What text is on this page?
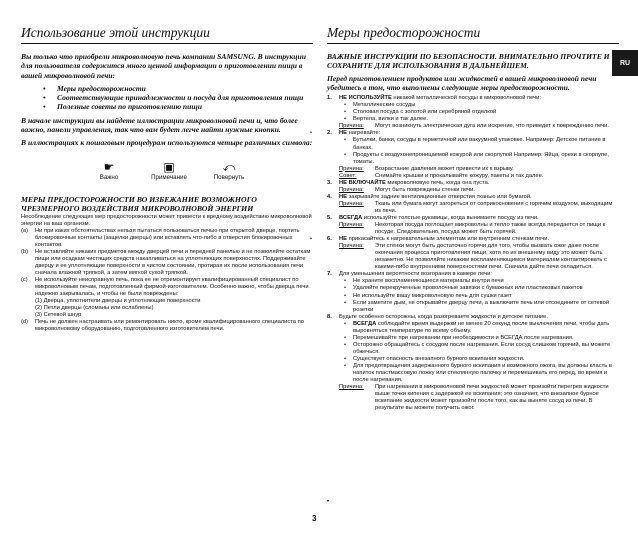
Использование этой инструкции

Вы только что приобрели микроволновую печь компании SAMSUNG. В инструкции для пользователя содержится много ценной информации о приготовлении пищи в вашей микроволновой печи:

• Меры предосторожности
• Соответствующие принадлежности и посуда для приготовления пищи
• Полезные советы по приготовлению пищи

В начале инструкции вы найдете иллюстрации микроволновой печи и, что более важно, панели управления, так что вам будет легче найти нужные кнопки.

В иллюстрациях к пошаговым процедурам используются четыре различных символа:

☛
Важно
▣
Примечание
⤺
Повернуть
МЕРЫ ПРЕДОСТОРОЖНОСТИ ВО ИЗБЕЖАНИЕ ВОЗМОЖНОГО ЧРЕЗМЕРНОГО ВОЗДЕЙСТВИЯ МИКРОВОЛНОВОЙ ЭНЕРГИИ
Несоблюдение следующих мер предосторожности может привести к вредному воздействию микроволновой энергии на ваш организм.
(a) Ни при каких обстоятельствах нельзя пытаться пользоваться печью при открытой дверце, портить блокировочные контакты (защелки дверцы) или вставлять что-либо в отверстия блокировочных контактов.
(b) Не вставляйте никаких предметов между дверцей печи и передней панелью и не позволяйте остаткам пищи или осадкам чистящих средств накапливаться на уплотняющих поверхностях. Поддерживайте дверцу и ее уплотняющие поверхности в чистом состоянии, протирая их после использования печи сначала влажной тряпкой, а затем мягкой сухой тряпкой.
(c) Не используйте неисправную печь, пока ее не отремонтирует квалифицированный специалист по микроволновым печам, подготовленный фирмой-изготовителем. Особенно важно, чтобы дверца печи надежно закрывалась, и чтобы не были повреждены:
(1) Дверца, уплотнители дверцы и уплотняющие поверхности
(2) Петли дверцы (сломаны или ослаблены)
(3) Сетевой шнур
(d) Печь не должен настраивать или ремонтировать никто, кроме квалифицированного специалиста по микроволновому оборудованию, подготовленного изготовителем печи.
Меры предосторожности
ВАЖНЫЕ ИНСТРУКЦИИ ПО БЕЗОПАСНОСТИ. ВНИМАТЕЛЬНО ПРОЧТИТЕ И СОХРАНИТЕ ДЛЯ ИСПОЛЬЗОВАНИЯ В ДАЛЬНЕЙШЕМ.
Перед приготовлением продуктов или жидкостей в вашей микроволновой печи убедитесь в том, что выполнены следующие меры предосторожности.
1. НЕ ИСПОЛЬЗУЙТЕ никакой металлической посуды в микроволновой печи:
• Металлические сосуды
• Столовая посуда с золотой или серебряной отделкой
• Вертела, вилки и так далее.
Причина:	Могут возникнуть электрическая дуга или искрение, что приведет к повреждению печи.
•	2. НЕ нагревайте:
• Бутылки, банки, сосуды в герметичной или вакуумной упаковке. Например: Детское питание в банках.
• Продукты с воздухонепроницаемой кожурой или скорлупой Например: Яйца, орехи в скорлупе, томаты.
Причина:	Возрастание давления может привести их к взрыву.
Совет:	Снимайте крышки и прокалывайте кожуру, пакеты и так далее.
3. НЕ ВКЛЮЧАЙТЕ микроволновую печь, когда она пуста.
Причина:	Могут быть повреждены стенки печи.
4. НЕ закрывайте задние вентиляционные отверстия тканью или бумагой.
Причина:	Ткань или бумага могут загореться от соприкосновения с горячим воздухом, выходящим из печи.
5. ВСЕГДА используйте толстые рукавицы, когда вынимаете посуду из печи.
Причина:	Некоторая посуда поглощает микроволны и тепло также всегда передается от пищи к посуде. Следовательно, посуда может быть горячей.
•	6. НЕ прикасайтесь к нагревательным элементам или внутренним стенкам печи.
Причина:	Эти стенки могут быть достаточно горячи для того, чтобы вызвать ожог даже после окончания процесса приготовления пищи, хотя по их внешнему виду это может быть незаметно. Не позволяйте никаким воспламеняющимся материалам контактировать с какими-либо внутренними поверхностями печи. Сначала дайте печи охладиться.
7. Для уменьшения вероятности возгорания в камере печи:
• Не храните воспламеняющиеся материалы внутри печи
• Удаляйте перекрученные проволочные завязки с бумажных или пластиковых пакетов
• Не используйте вашу микроволновую печь для сушки газет
• Если заметите дым, не открывайте дверцу печи, а выключите печь или отсоедините от сетевой розетки
8. Будьте особенно осторожны, когда разогреваете жидкости и детское питание.
• ВСЕГДА соблюдайте время выдержки не менее 20 секунд после выключения печи, чтобы дать выровняться температуре по всему объему.
• Перемешивайте при нагревании при необходимости и ВСЕГДА после нагревания.
• Осторожно обращайтесь с сосудом после нагревания. Если сосуд слишком горячий, вы можете обжечься.
• Существует опасность внезапного бурного вскипания жидкости.
• Для предотвращения задержанного бурного вскипания и возможного ожога, вы должны класть в напиток пластмассовую ложку или стеклянную палочку и перемешивать его перед, во время и после нагревания.
Причина:	При нагревании в микроволновой печи жидкостей может произойти перегрев жидкости выше точки кипения с задержкой ее вскипания; это означает, что внезапное бурное вскипание жидкости может произойти после того, как вы выняте сосуд из печи. В результате вы можете получить ожог.
RU
•
3
